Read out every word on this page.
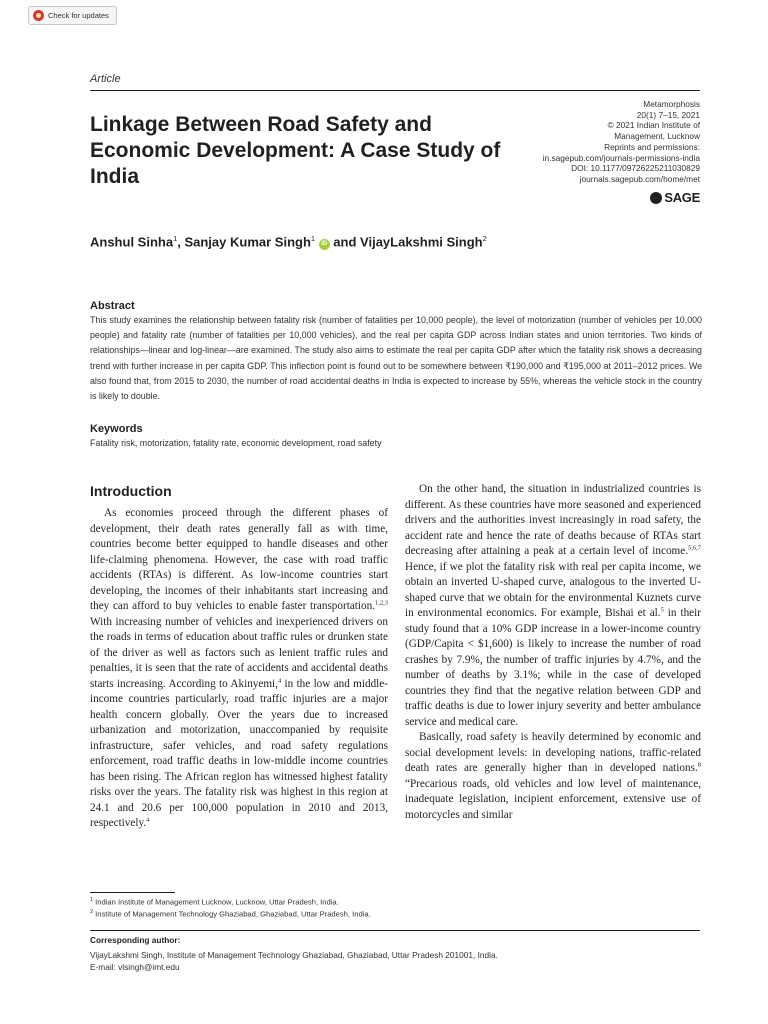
Check for updates
Article
Linkage Between Road Safety and Economic Development: A Case Study of India
Metamorphosis
20(1) 7–15, 2021
© 2021 Indian Institute of
Management, Lucknow
Reprints and permissions:
in.sagepub.com/journals-permissions-india
DOI: 10.1177/09726225211030829
journals.sagepub.com/home/met
SAGE
Anshul Sinha$^1$, Sanjay Kumar Singh$^1$ iD and VijayLakshmi Singh$^2$
Abstract
This study examines the relationship between fatality risk (number of fatalities per 10,000 people), the level of motorization (number of vehicles per 10,000 people) and fatality rate (number of fatalities per 10,000 vehicles), and the real per capita GDP across Indian states and union territories. Two kinds of relationships—linear and log-linear—are examined. The study also aims to estimate the real per capita GDP after which the fatality risk shows a decreasing trend with further increase in per capita GDP. This inflection point is found out to be somewhere between ₹190,000 and ₹195,000 at 2011–2012 prices. We also found that, from 2015 to 2030, the number of road accidental deaths in India is expected to increase by 55%, whereas the vehicle stock in the country is likely to double.
Keywords
Fatality risk, motorization, fatality rate, economic development, road safety
Introduction

As economies proceed through the different phases of development, their death rates generally fall as with time, countries become better equipped to handle diseases and other life-claiming phenomena. However, the case with road traffic accidents (RTAs) is different. As low-income countries start developing, the incomes of their inhabitants start increasing and they can afford to buy vehicles to enable faster transportation.$^{1,2,3}$ With increasing number of vehicles and inexperienced drivers on the roads in terms of education about traffic rules or drunken state of the driver as well as factors such as lenient traffic rules and penalties, it is seen that the rate of accidents and accidental deaths starts increasing. According to Akinyemi,$^4$ in the low and middle-income countries particularly, road traffic injuries are a major health concern globally. Over the years due to increased urbanization and motorization, unaccompanied by requisite infrastructure, safer vehicles, and road safety regulations enforcement, road traffic deaths in low-middle income countries has been rising. The African region has witnessed highest fatality risks over the years. The fatality risk was highest in this region at 24.1 and 20.6 per 100,000 population in 2010 and 2013, respectively.$^4$

On the other hand, the situation in industrialized countries is different. As these countries have more seasoned and experienced drivers and the authorities invest increasingly in road safety, the accident rate and hence the rate of deaths because of RTAs start decreasing after attaining a peak at a certain level of income.$^{5,6,7}$ Hence, if we plot the fatality risk with real per capita income, we obtain an inverted U-shaped curve, analogous to the inverted U-shaped curve that we obtain for the environmental Kuznets curve in environmental economics. For example, Bishai et al.$^5$ in their study found that a 10% GDP increase in a lower-income country (GDP/Capita < $1,600) is likely to increase the number of road crashes by 7.9%, the number of traffic injuries by 4.7%, and the number of deaths by 3.1%; while in the case of developed countries they find that the negative relation between GDP and traffic deaths is due to lower injury severity and better ambulance service and medical care.

Basically, road safety is heavily determined by economic and social development levels: in developing nations, traffic-related death rates are generally higher than in developed nations.$^8$ “Precarious roads, old vehicles and low level of maintenance, inadequate legislation, incipient enforcement, extensive use of motorcycles and similar

$^1$ Indian Institute of Management Lucknow, Lucknow, Uttar Pradesh, India.
$^2$ Institute of Management Technology Ghaziabad, Ghaziabad, Uttar Pradesh, India.
Corresponding author:
VijayLakshmi Singh, Institute of Management Technology Ghaziabad, Ghaziabad, Uttar Pradesh 201001, India.
E-mail: vlsingh@imt.edu
